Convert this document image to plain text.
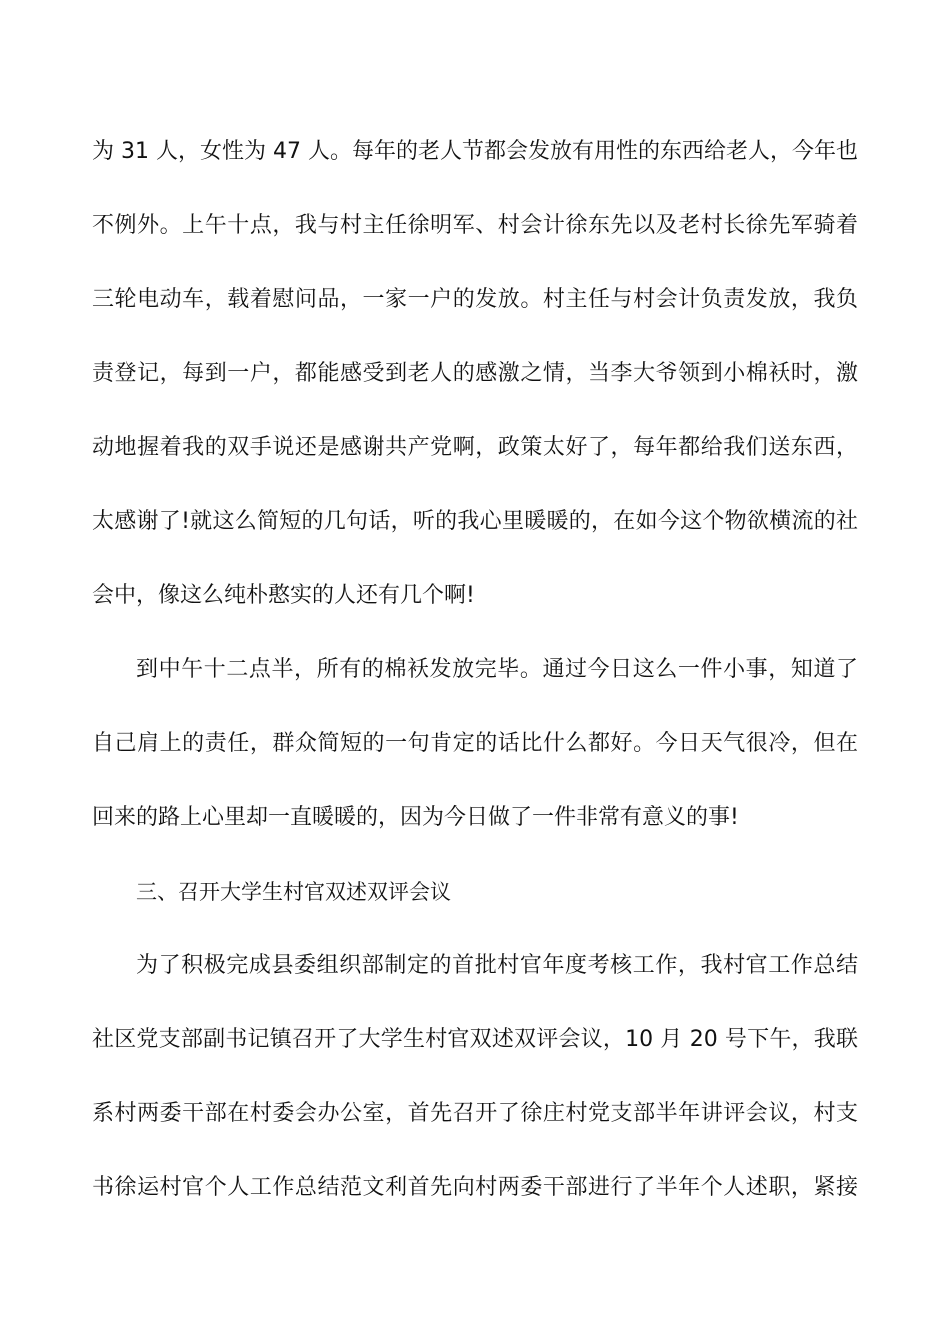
为 31 人，女性为 47 人。每年的老人节都会发放有用性的东西给老人，今年也
不例外。上午十点，我与村主任徐明军、村会计徐东先以及老村长徐先军骑着
三轮电动车，载着慰问品，一家一户的发放。村主任与村会计负责发放，我负
责登记，每到一户，都能感受到老人的感激之情，当李大爷领到小棉袄时，激
动地握着我的双手说还是感谢共产党啊，政策太好了，每年都给我们送东西，
太感谢了!就这么简短的几句话，听的我心里暖暖的，在如今这个物欲横流的社
会中，像这么纯朴憨实的人还有几个啊!
到中午十二点半，所有的棉袄发放完毕。通过今日这么一件小事，知道了
自己肩上的责任，群众简短的一句肯定的话比什么都好。今日天气很冷，但在
回来的路上心里却一直暖暖的，因为今日做了一件非常有意义的事!
三、召开大学生村官双述双评会议
为了积极完成县委组织部制定的首批村官年度考核工作，我村官工作总结
社区党支部副书记镇召开了大学生村官双述双评会议，10 月 20 号下午，我联
系村两委干部在村委会办公室，首先召开了徐庄村党支部半年讲评会议，村支
书徐运村官个人工作总结范文利首先向村两委干部进行了半年个人述职，紧接
